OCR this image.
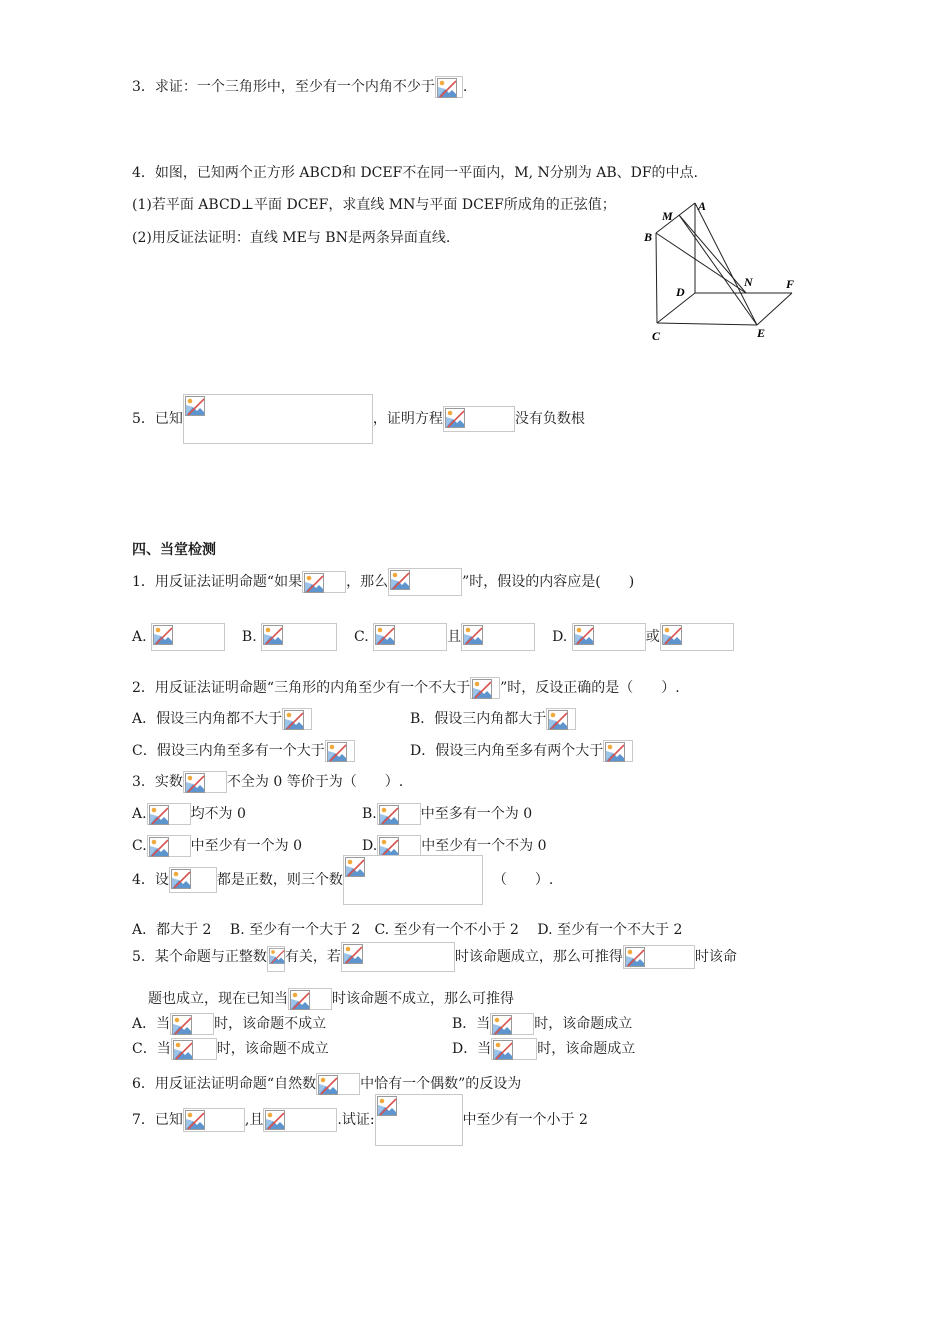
3．求证：一个三角形中，至少有一个内角不少于 .
4．如图，已知两个正方形 ABCD和 DCEF不在同一平面内，M, N分别为 AB、DF的中点.
(1)若平面 ABCD⊥平面 DCEF，求直线 MN与平面 DCEF所成角的正弦值；
(2)用反证法证明：直线 ME与 BN是两条异面直线.
M
A
B
N	F
D
C	E
5．已知	，证明方程	没有负数根
四、当堂检测
1．用反证法证明命题“如果	，那么	”时，假设的内容应是(　　)
A.	B.	C.	且	D.	或
2．用反证法证明命题“三角形的内角至少有一个不大于 ”时，反设正确的是（　　）.
A．假设三内角都不大于	B．假设三内角都大于
C．假设三内角至多有一个大于	D．假设三内角至多有两个大于
3．实数	不全为 0 等价于为（　　）.
A.	均不为 0	B.	中至多有一个为 0
C.	中至少有一个为 0	D.	中至少有一个不为 0
4．设	都是正数，则三个数	（　　）.
A．都大于 2　 B. 至少有一个大于 2　C. 至少有一个不小于 2　 D. 至少有一个不大于 2
5．某个命题与正整数 有关，若	时该命题成立，那么可推得	时该命
题也成立，现在已知当	时该命题不成立，那么可推得
A．当	时，该命题不成立	B．当	时，该命题成立
C．当	时，该命题不成立	D．当	时，该命题成立
6．用反证法证明命题“自然数	中恰有一个偶数”的反设为
7．已知	,且	.试证:	中至少有一个小于 2
